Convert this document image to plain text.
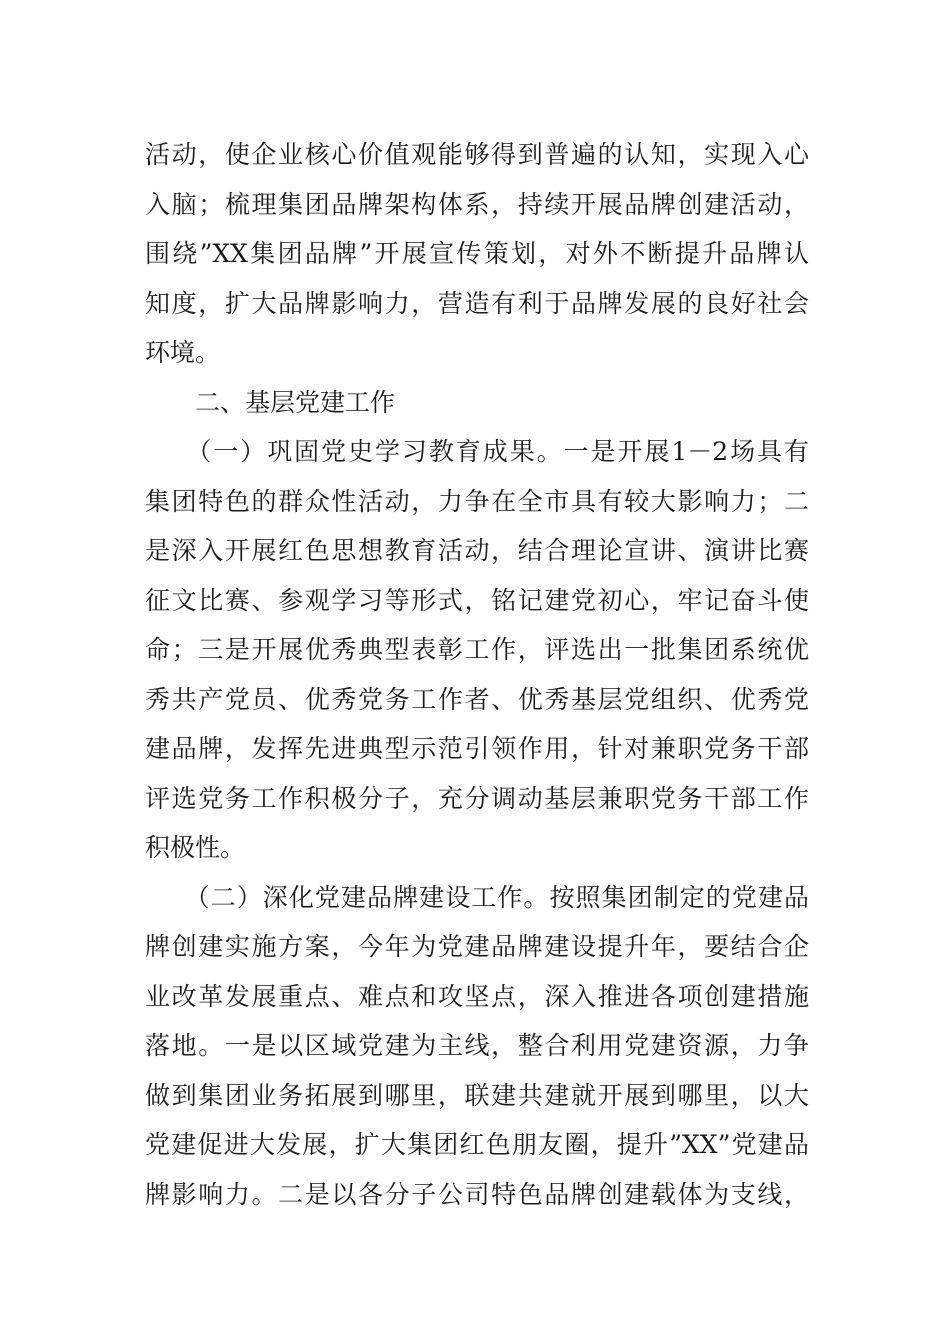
活动，使企业核心价值观能够得到普遍的认知，实现入心
入脑；梳理集团品牌架构体系，持续开展品牌创建活动，
围绕”XX集团品牌”开展宣传策划，对外不断提升品牌认
知度，扩大品牌影响力，营造有利于品牌发展的良好社会
环境。
　　二、基层党建工作
　　（一）巩固党史学习教育成果。一是开展1－2场具有
集团特色的群众性活动，力争在全市具有较大影响力；二
是深入开展红色思想教育活动，结合理论宣讲、演讲比赛
征文比赛、参观学习等形式，铭记建党初心，牢记奋斗使
命；三是开展优秀典型表彰工作，评选出一批集团系统优
秀共产党员、优秀党务工作者、优秀基层党组织、优秀党
建品牌，发挥先进典型示范引领作用，针对兼职党务干部
评选党务工作积极分子，充分调动基层兼职党务干部工作
积极性。
　　（二）深化党建品牌建设工作。按照集团制定的党建品
牌创建实施方案，今年为党建品牌建设提升年，要结合企
业改革发展重点、难点和攻坚点，深入推进各项创建措施
落地。一是以区域党建为主线，整合利用党建资源，力争
做到集团业务拓展到哪里，联建共建就开展到哪里，以大
党建促进大发展，扩大集团红色朋友圈，提升”XX”党建品
牌影响力。二是以各分子公司特色品牌创建载体为支线，
